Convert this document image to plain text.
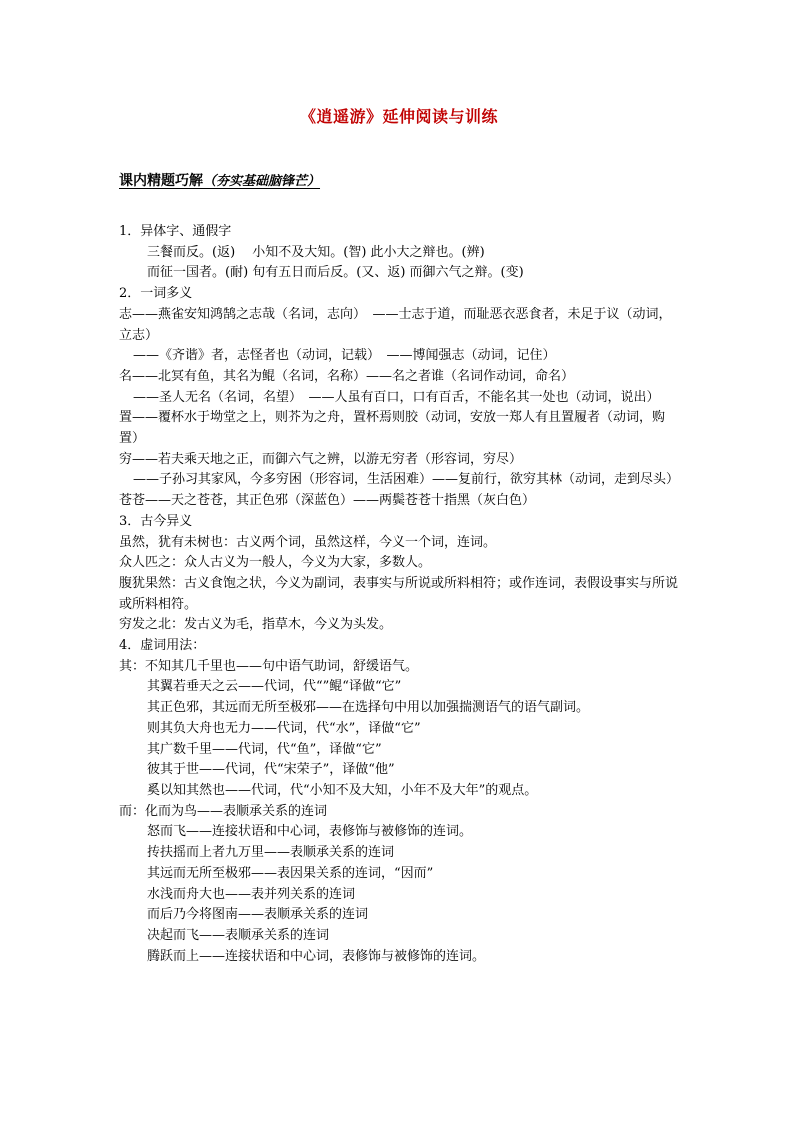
《逍遥游》延伸阅读与训练
课内精题巧解（夯实基础脑锋芒）

1．异体字、通假字

三餐而反。(返)　 小知不及大知。(智) 此小大之辩也。(辨)

而征一国者。(耐) 旬有五日而后反。(又、返) 而御六气之辩。(变)

2．一词多义

志——燕雀安知鸿鹄之志哉（名词，志向）　——士志于道，而耻恶衣恶食者，未足于议（动词，立志）

——《齐谐》者，志怪者也（动词，记载）　——博闻强志（动词，记住）

名——北冥有鱼，其名为鲲（名词，名称）——名之者谁（名词作动词，命名）

——圣人无名（名词，名望）　——人虽有百口，口有百舌，不能名其一处也（动词，说出）

置——覆杯水于坳堂之上，则芥为之舟，置杯焉则胶（动词，安放一郑人有且置履者（动词，购置）

穷——若夫乘天地之正，而御六气之辨，以游无穷者（形容词，穷尽）

——子孙习其家风，今多穷困（形容词，生活困难）——复前行，欲穷其林（动词，走到尽头）

苍苍——天之苍苍，其正色邪（深蓝色）——两鬓苍苍十指黑（灰白色）

3．古今异义

虽然，犹有未树也：古义两个词，虽然这样，今义一个词，连词。

众人匹之：众人古义为一般人，今义为大家，多数人。

腹犹果然：古义食饱之状，今义为副词，表事实与所说或所料相符；或作连词，表假设事实与所说或所料相符。

穷发之北：发古义为毛，指草木，今义为头发。

4．虚词用法：

其：不知其几千里也——句中语气助词，舒缓语气。

其翼若垂天之云——代词，代“”鲲“译做“它”

其正色邪，其远而无所至极邪——在选择句中用以加强揣测语气的语气副词。

则其负大舟也无力——代词，代“水”，译做“它”

其广数千里——代词，代“鱼”，译做“它”

彼其于世——代词，代“宋荣子”，译做“他”

奚以知其然也——代词，代“小知不及大知，小年不及大年”的观点。

而：化而为鸟——表顺承关系的连词

怒而飞——连接状语和中心词，表修饰与被修饰的连词。

抟扶摇而上者九万里——表顺承关系的连词

其远而无所至极邪——表因果关系的连词，“因而”

水浅而舟大也——表并列关系的连词

而后乃今将图南——表顺承关系的连词

决起而飞——表顺承关系的连词

腾跃而上——连接状语和中心词，表修饰与被修饰的连词。
